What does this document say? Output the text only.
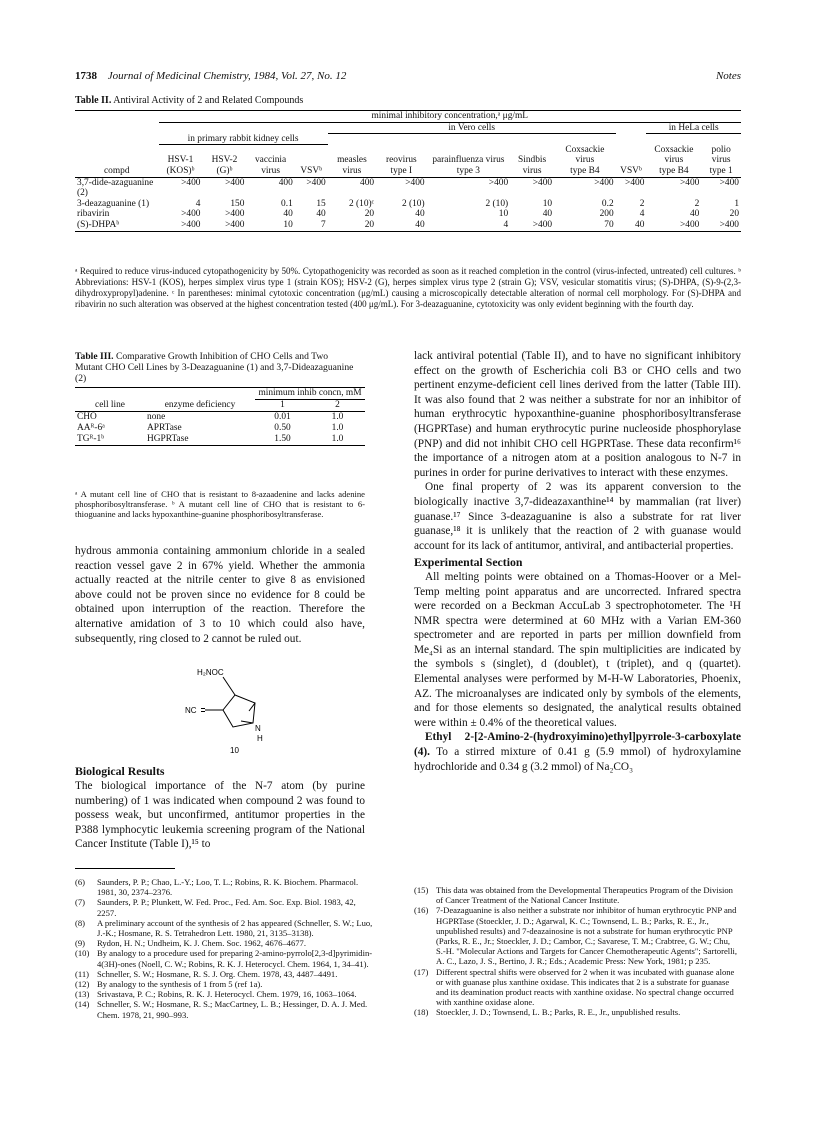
1738 Journal of Medicinal Chemistry, 1984, Vol. 27, No. 12	Notes
Table II. Antiviral Activity of 2 and Related Compounds
	minimal inhibitory concentration,ᵃ μg/mL											
					in Vero cells						in HeLa cells	
	in primary rabbit kidney cells											
	HSV-1	HSV-2	vaccinia		measles	reovirus	parainfluenza virus	Sindbis	Coxsackie virus		Coxsackie virus	polio virus
compd	(KOS)ᵇ	(G)ᵇ	virus	VSVᵇ	virus	type I	type 3	virus	type B4	VSVᵇ	type B4	type 1
3,7-dide-azaguanine (2)	>400	>400	400	>400	400	>400	>400	>400	>400	>400	>400	>400
3-deazaguanine (1)	4	150	0.1	15	2 (10)ᶜ	2 (10)	2 (10)	10	0.2	2	2	1
ribavirin	>400	>400	40	40	20	40	10	40	200	4	40	20
(S)-DHPAᵇ	>400	>400	10	7	20	40	4	>400	70	40	>400	>400
ᵃ Required to reduce virus-induced cytopathogenicity by 50%. Cytopathogenicity was recorded as soon as it reached completion in the control (virus-infected, untreated) cell cultures. ᵇ Abbreviations: HSV-1 (KOS), herpes simplex virus type 1 (strain KOS); HSV-2 (G), herpes simplex virus type 2 (strain G); VSV, vesicular stomatitis virus; (S)-DHPA, (S)-9-(2,3-dihydroxypropyl)adenine. ᶜ In parentheses: minimal cytotoxic concentration (μg/mL) causing a microscopically detectable alteration of normal cell morphology. For (S)-DHPA and ribavirin no such alteration was observed at the highest concentration tested (400 μg/mL). For 3-deazaguanine, cytotoxicity was only evident beginning with the fourth day.
Table III. Comparative Growth Inhibition of CHO Cells and Two Mutant CHO Cell Lines by 3-Deazaguanine (1) and 3,7-Dideazaguanine (2)
		minimum inhib concn, mM	
cell line	enzyme deficiency	1	2
CHO	none	0.01	1.0
AAᴿ-6ᵃ	APRTase	0.50	1.0
TGᴿ-1ᵇ	HGPRTase	1.50	1.0
ᵃ A mutant cell line of CHO that is resistant to 8-azaadenine and lacks adenine phosphoribosyltransferase. ᵇ A mutant cell line of CHO that is resistant to 6-thioguanine and lacks hypoxanthine-guanine phosphoribosyltransferase.
hydrous ammonia containing ammonium chloride in a sealed reaction vessel gave 2 in 67% yield. Whether the ammonia actually reacted at the nitrile center to give 8 as envisioned above could not be proven since no evidence for 8 could be obtained upon interruption of the reaction. Therefore the alternative amidation of 3 to 10 which could also have, subsequently, ring closed to 2 cannot be ruled out.
H₂NOC
NC
N
H
10
Biological Results
The biological importance of the N-7 atom (by purine numbering) of 1 was indicated when compound 2 was found to possess weak, but unconfirmed, antitumor properties in the P388 lymphocytic leukemia screening program of the National Cancer Institute (Table I),¹⁵ to
lack antiviral potential (Table II), and to have no significant inhibitory effect on the growth of Escherichia coli B3 or CHO cells and two pertinent enzyme-deficient cell lines derived from the latter (Table III). It was also found that 2 was neither a substrate for nor an inhibitor of human erythrocytic hypoxanthine-guanine phosphoribosyltransferase (HGPRTase) and human erythrocytic purine nucleoside phosphorylase (PNP) and did not inhibit CHO cell HGPRTase. These data reconfirm¹⁶ the importance of a nitrogen atom at a position analogous to N-7 in purines in order for purine derivatives to interact with these enzymes.
One final property of 2 was its apparent conversion to the biologically inactive 3,7-dideazaxanthine¹⁴ by mammalian (rat liver) guanase.¹⁷ Since 3-deazaguanine is also a substrate for rat liver guanase,¹⁸ it is unlikely that the reaction of 2 with guanase would account for its lack of antitumor, antiviral, and antibacterial properties.
Experimental Section
All melting points were obtained on a Thomas-Hoover or a Mel-Temp melting point apparatus and are uncorrected. Infrared spectra were recorded on a Beckman AccuLab 3 spectrophotometer. The ¹H NMR spectra were determined at 60 MHz with a Varian EM-360 spectrometer and are reported in parts per million downfield from Me₄Si as an internal standard. The spin multiplicities are indicated by the symbols s (singlet), d (doublet), t (triplet), and q (quartet). Elemental analyses were performed by M-H-W Laboratories, Phoenix, AZ. The microanalyses are indicated only by symbols of the elements, and for those elements so designated, the analytical results obtained were within ± 0.4% of the theoretical values.
Ethyl 2-[2-Amino-2-(hydroxyimino)ethyl]pyrrole-3-carboxylate (4). To a stirred mixture of 0.41 g (5.9 mmol) of hydroxylamine hydrochloride and 0.34 g (3.2 mmol) of Na₂CO₃
(6)	Saunders, P. P.; Chao, L.-Y.; Loo, T. L.; Robins, R. K. Biochem. Pharmacol. 1981, 30, 2374–2376.
(7)	Saunders, P. P.; Plunkett, W. Fed. Proc., Fed. Am. Soc. Exp. Biol. 1983, 42, 2257.
(8)	A preliminary account of the synthesis of 2 has appeared (Schneller, S. W.; Luo, J.-K.; Hosmane, R. S. Tetrahedron Lett. 1980, 21, 3135–3138).
(9)	Rydon, H. N.; Undheim, K. J. Chem. Soc. 1962, 4676–4677.
(10) By analogy to a procedure used for preparing 2-amino-pyrrolo[2,3-d]pyrimidin-4(3H)-ones (Noell, C. W.; Robins, R. K. J. Heterocycl. Chem. 1964, 1, 34–41).
(11) Schneller, S. W.; Hosmane, R. S. J. Org. Chem. 1978, 43, 4487–4491.
(12) By analogy to the synthesis of 1 from 5 (ref 1a).
(13) Srivastava, P. C.; Robins, R. K. J. Heterocycl. Chem. 1979, 16, 1063–1064.
(14) Schneller, S. W.; Hosmane, R. S.; MacCartney, L. B.; Hessinger, D. A. J. Med. Chem. 1978, 21, 990–993.
(15) This data was obtained from the Developmental Therapeutics Program of the Division of Cancer Treatment of the National Cancer Institute.
(16) 7-Deazaguanine is also neither a substrate nor inhibitor of human erythrocytic PNP and HGPRTase (Stoeckler, J. D.; Agarwal, K. C.; Townsend, L. B.; Parks, R. E., Jr., unpublished results) and 7-deazainosine is not a substrate for human erythrocytic PNP (Parks, R. E., Jr.; Stoeckler, J. D.; Cambor, C.; Savarese, T. M.; Crabtree, G. W.; Chu, S.-H. "Molecular Actions and Targets for Cancer Chemotherapeutic Agents"; Sartorelli, A. C., Lazo, J. S., Bertino, J. R.; Eds.; Academic Press: New York, 1981; p 235.
(17) Different spectral shifts were observed for 2 when it was incubated with guanase alone or with guanase plus xanthine oxidase. This indicates that 2 is a substrate for guanase and its deamination product reacts with xanthine oxidase. No spectral change occurred with xanthine oxidase alone.
(18) Stoeckler, J. D.; Townsend, L. B.; Parks, R. E., Jr., unpublished results.
